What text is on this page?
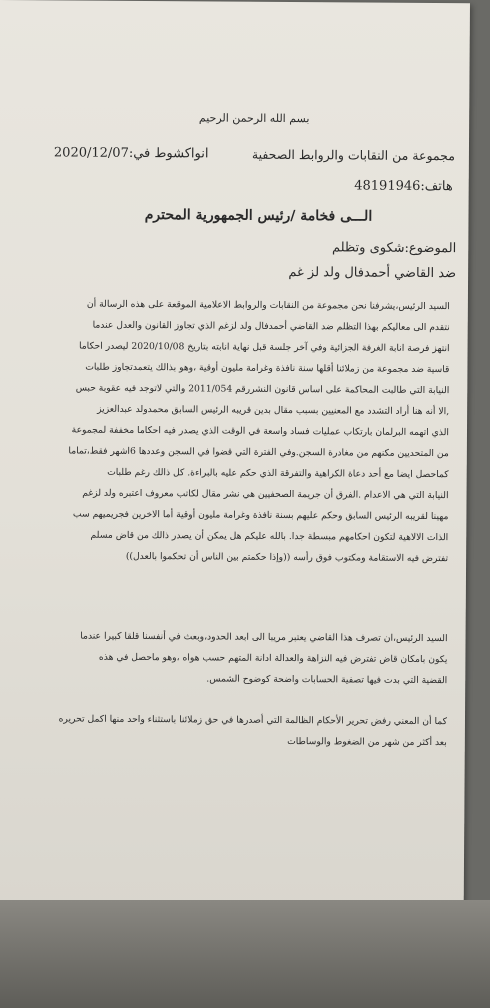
بسم الله الرحمن الرحيم
مجموعة من النقابات والروابط الصحفية
انواكشوط في:2020/12/07
هاتف:48191946
الـــى فخامة /رئيس الجمهورية المحترم
الموضوع:شكوى وتظلم
ضد القاضي أحمدفال ولد لز غم
السيد الرئيس،يشرفنا نحن مجموعة من النقابات والروابط الاعلامية الموقعة على هذه الرسالة أن
نتقدم الى معاليكم بهذا التظلم ضد القاضي أحمدفال ولد لزغم الذي تجاوز القانون والعدل عندما
انتهز فرصة انابة الغرفة الجزائية وفي آخر جلسة قبل نهاية انابته بتاريخ 2020/10/08 ليصدر احكاما
قاسية ضد مجموعة من زملائنا أقلها سنة نافذة وغرامة مليون أوقية ،وهو بذالك يتعمدتجاوز طلبات
النيابة التي طالبت المحاكمة على اساس قانون النشررقم 2011/054 والتي لاتوجد فيه عقوبة حبس
,الا أنه هنا أراد التشدد مع المعنيين بسبب مقال بدين قريبه الرئيس السابق محمدولد عبدالعزيز
الذي اتهمه البرلمان بارتكاب عمليات فساد واسعة في الوقت الذي يصدر فيه احكاما مخففة لمجموعة
من المتحديين مكنهم من مغادرة السجن.وفي الفترة التي قضوا في السجن وعددها 6اشهر فقط،تماما
كماحصل ايضا مع أحد دعاة الكراهية والتفرقة الذي حكم عليه بالبراءة. كل ذالك رغم طلبات
النيابة التي هي الاعدام .الفرق أن جريمة الصحفيين هي نشر مقال لكاتب معروف اعتبره ولد لزغم
مهينا لقريبه الرئيس السابق وحكم عليهم بسنة نافذة وغرامة مليون أوقية أما الاخرين فجريميهم سب
الذات الالاهية لتكون احكامهم مبسطة جدا. بالله عليكم هل يمكن أن يصدر ذالك من قاض مسلم
تفترض فيه الاستقامة ومكتوب فوق رأسه ((وإذا حكمتم بين الناس أن تحكموا بالعدل))
السيد الرئيس،ان تصرف هذا القاضي يعتبر مريبا الى ابعد الحدود،وبعث في أنفسنا قلقا كبيرا عندما
يكون بامكان قاض تفترض فيه النزاهة والعدالة ادانة المتهم حسب هواه ،وهو ماحصل في هذه
القضية التي بدت فيها تصفية الحسابات واضحة كوضوح الشمس.
كما أن المعني رفض تحرير الأحكام الظالمة التي أصدرها في حق زملائنا باستثناء واحد منها اكمل تحريره
بعد أكثر من شهر من الضغوط والوساطات
